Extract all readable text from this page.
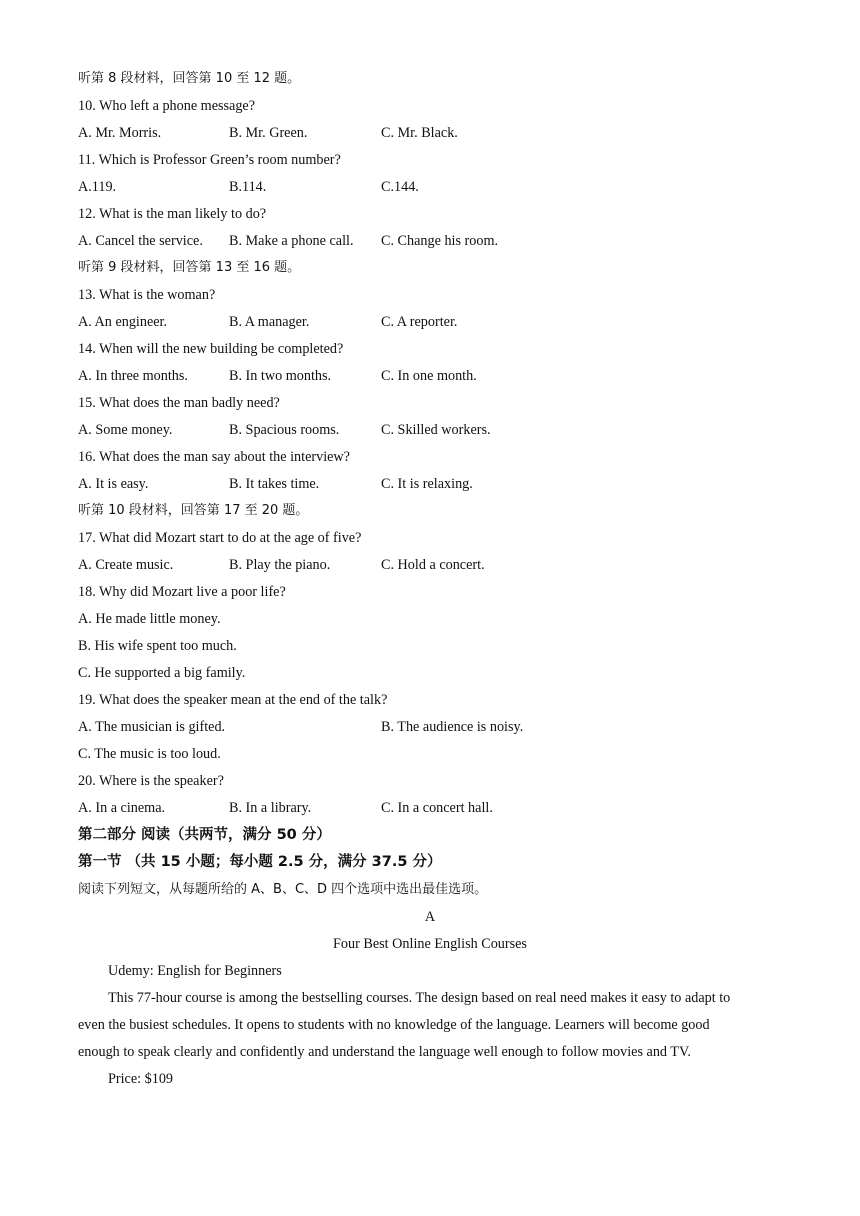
听第 8 段材料，回答第 10 至 12 题。
10. Who left a phone message?
A. Mr. Morris.	B. Mr. Green.	C. Mr. Black.
11. Which is Professor Green’s room number?
A.119.	B.114.	C.144.
12. What is the man likely to do?
A. Cancel the service. B. Make a phone call. C. Change his room.
听第 9 段材料，回答第 13 至 16 题。
13. What is the woman?
A. An engineer.	B. A manager.	C. A reporter.
14. When will the new building be completed?
A. In three months.	B. In two months.	C. In one month.
15. What does the man badly need?
A. Some money.	B. Spacious rooms.	C. Skilled workers.
16. What does the man say about the interview?
A. It is easy.	B. It takes time.	C. It is relaxing.
听第 10 段材料，回答第 17 至 20 题。
17. What did Mozart start to do at the age of five?
A. Create music.	B. Play the piano.	C. Hold a concert.
18. Why did Mozart live a poor life?
A. He made little money.
B. His wife spent too much.
C. He supported a big family.
19. What does the speaker mean at the end of the talk?
A. The musician is gifted.	B. The audience is noisy.
C. The music is too loud.
20. Where is the speaker?
A. In a cinema.	B. In a library.	C. In a concert hall.
第二部分 阅读（共两节，满分 50 分）
第一节 （共 15 小题；每小题 2.5 分，满分 37.5 分）
阅读下列短文，从每题所给的 A、B、C、D 四个选项中选出最佳选项。
A
Four Best Online English Courses
Udemy: English for Beginners
This 77-hour course is among the bestselling courses. The design based on real need makes it easy to adapt to
even the busiest schedules. It opens to students with no knowledge of the language. Learners will become good
enough to speak clearly and confidently and understand the language well enough to follow movies and TV.
Price: $109
